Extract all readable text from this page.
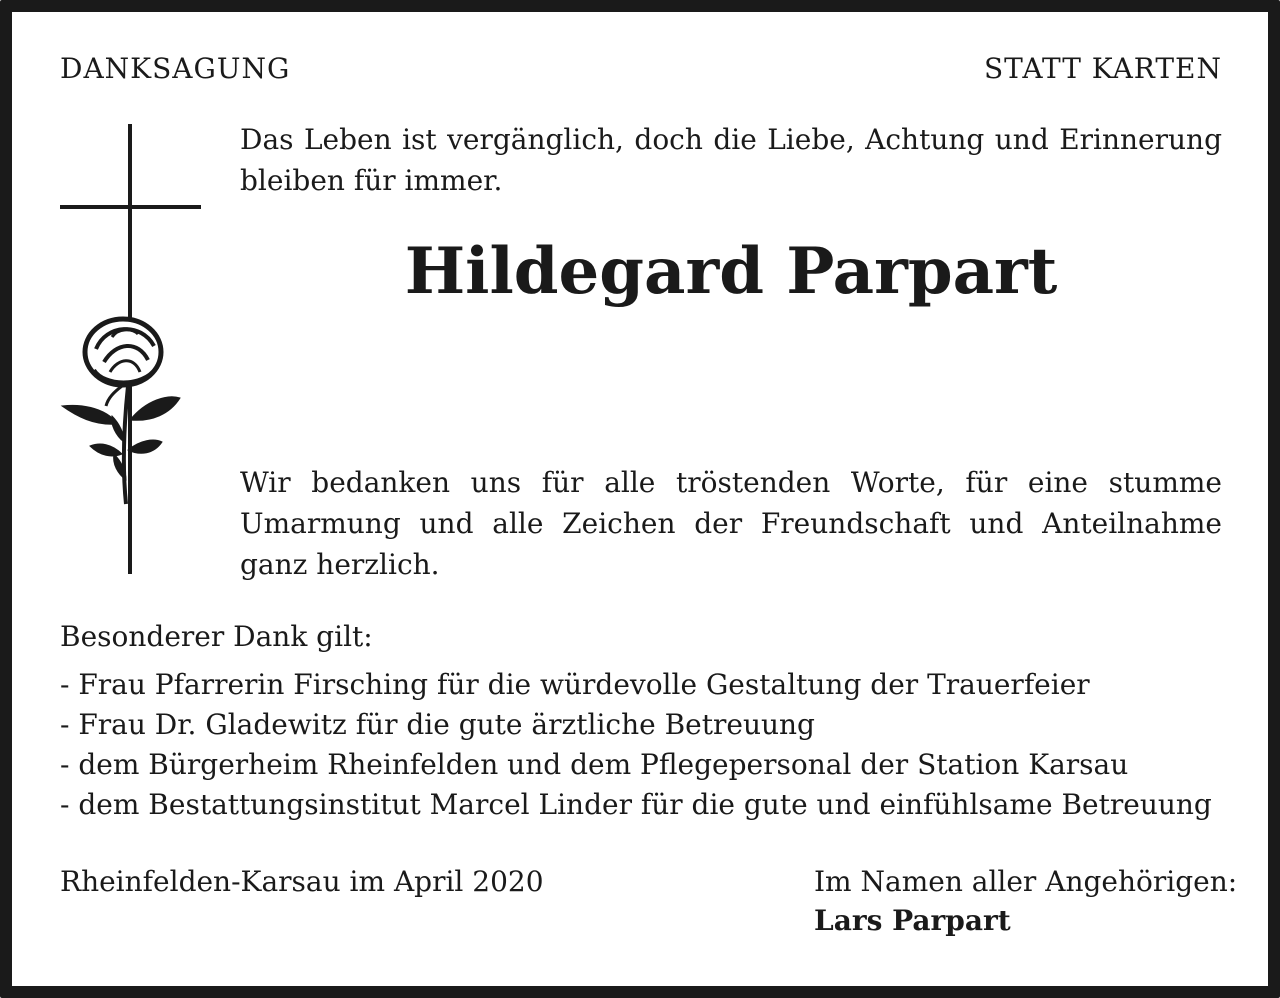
DANKSAGUNG	STATT KARTEN

Das Leben ist vergänglich, doch die Liebe, Achtung und Erinnerung bleiben für immer.

Hildegard Parpart

Wir bedanken uns für alle tröstenden Worte, für eine stumme Umarmung und alle Zeichen der Freundschaft und Anteilnahme ganz herzlich.

Besonderer Dank gilt:

- Frau Pfarrerin Firsching für die würdevolle Gestaltung der Trauerfeier
- Frau Dr. Gladewitz für die gute ärztliche Betreuung
- dem Bürgerheim Rheinfelden und dem Pflegepersonal der Station Karsau
- dem Bestattungsinstitut Marcel Linder für die gute und einfühlsame Betreuung

Rheinfelden-Karsau im April 2020	Im Namen aller Angehörigen:

Lars Parpart
